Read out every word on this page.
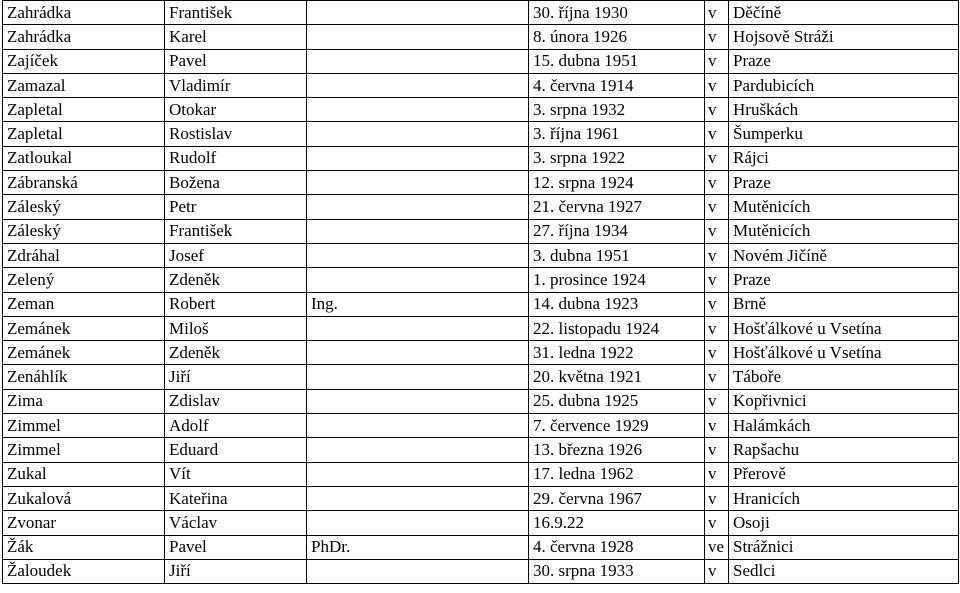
Zahrádka	František		30. října 1930	v	Děčíně
Zahrádka	Karel		8. února 1926	v	Hojsově Stráži
Zajíček	Pavel		15. dubna 1951	v	Praze
Zamazal	Vladimír		4. června 1914	v	Pardubicích
Zapletal	Otokar		3. srpna 1932	v	Hruškách
Zapletal	Rostislav		3. října 1961	v	Šumperku
Zatloukal	Rudolf		3. srpna 1922	v	Rájci
Zábranská	Božena		12. srpna 1924	v	Praze
Záleský	Petr		21. června 1927	v	Mutěnicích
Záleský	František		27. října 1934	v	Mutěnicích
Zdráhal	Josef		3. dubna 1951	v	Novém Jičíně
Zelený	Zdeněk		1. prosince 1924	v	Praze
Zeman	Robert	Ing.	14. dubna 1923	v	Brně
Zemánek	Miloš		22. listopadu 1924	v	Hošťálkové u Vsetína
Zemánek	Zdeněk		31. ledna 1922	v	Hošťálkové u Vsetína
Zenáhlík	Jiří		20. května 1921	v	Táboře
Zima	Zdislav		25. dubna 1925	v	Kopřivnici
Zimmel	Adolf		7. července 1929	v	Halámkách
Zimmel	Eduard		13. března 1926	v	Rapšachu
Zukal	Vít		17. ledna 1962	v	Přerově
Zukalová	Kateřina		29. června 1967	v	Hranicích
Zvonar	Václav		16.9.22	v	Osoji
Žák	Pavel	PhDr.	4. června 1928	ve	Strážnici
Žaloudek	Jiří		30. srpna 1933	v	Sedlci
